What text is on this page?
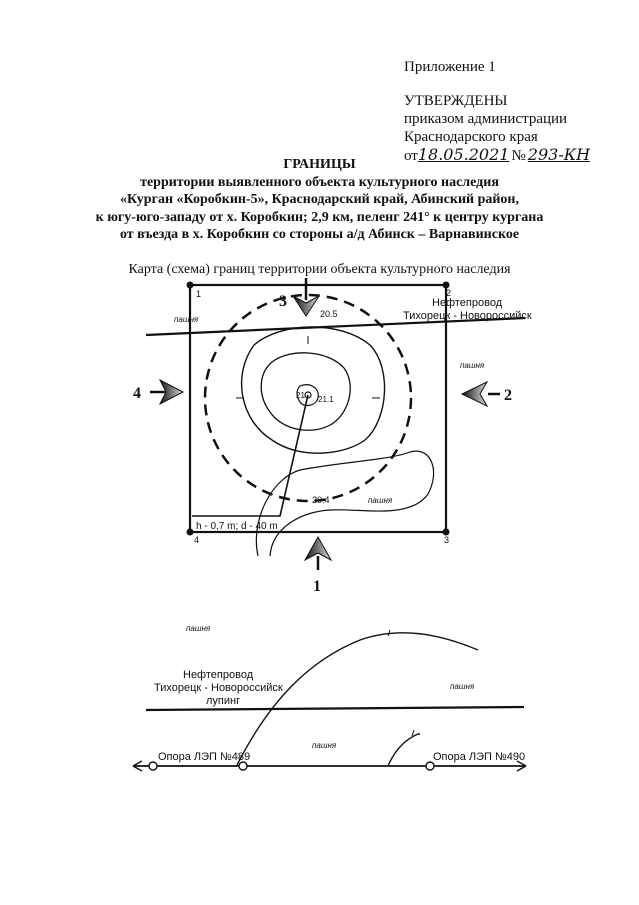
Приложение 1
УТВЕРЖДЕНЫ
приказом администрации
Краснодарского края
от18.05.2021 № 293-КН
ГРАНИЦЫ
территории выявленного объекта культурного наследия
«Курган «Коробкин-5», Краснодарский край, Абинский район,
к югу-юго-западу от х. Коробкин; 2,9 км, пеленг 241° к центру кургана
от въезда в х. Коробкин со стороны а/д Абинск – Варнавинское
Карта (схема) границ территории объекта культурного наследия
1	2
3
4
Нефтепровод
Тихорецк - Новороссийск
пашня
пашня
пашня
20.5
21 21.1
20.4
h - 0,7 m; d - 40 m
3
1
4	2
пашня
пашня
пашня
Нефтепровод
Тихорецк - Новороссийск
лупинг
Опора ЛЭП №489	Опора ЛЭП №490
